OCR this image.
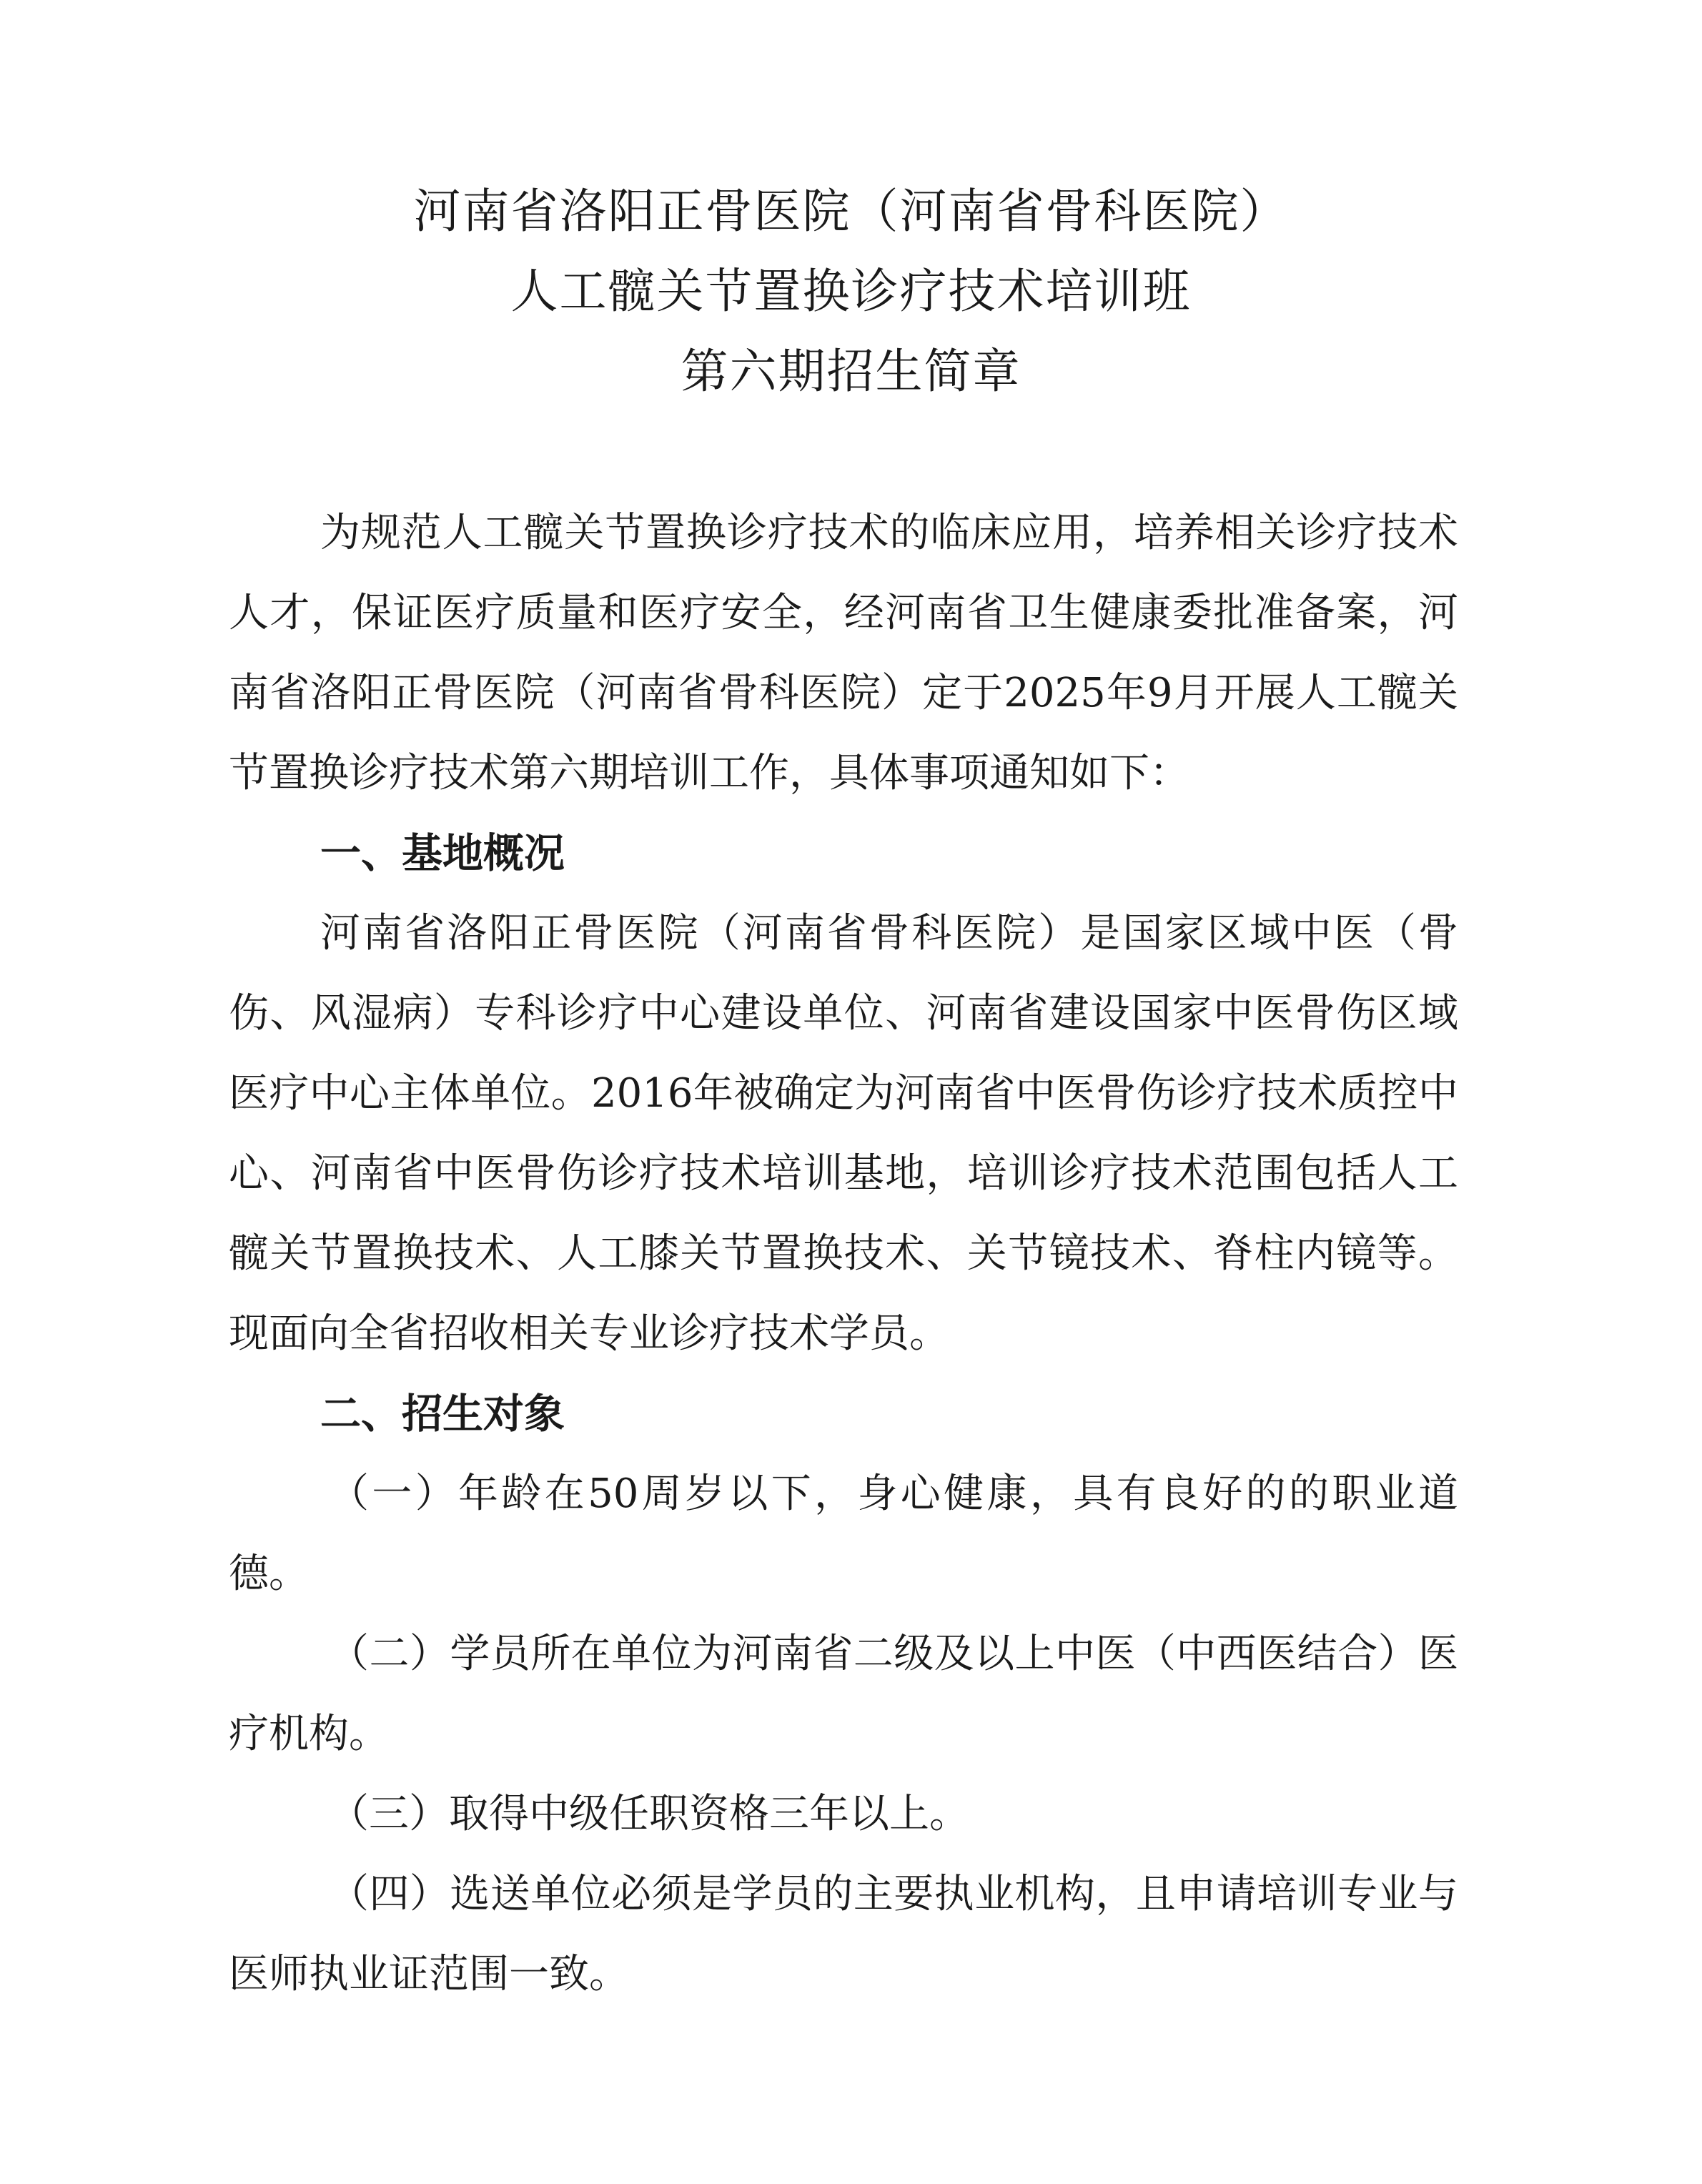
河南省洛阳正骨医院（河南省骨科医院）
人工髋关节置换诊疗技术培训班
第六期招生简章

为规范人工髋关节置换诊疗技术的临床应用，培养相关诊疗技术人才，保证医疗质量和医疗安全，经河南省卫生健康委批准备案，河南省洛阳正骨医院（河南省骨科医院）定于2025年9月开展人工髋关节置换诊疗技术第六期培训工作，具体事项通知如下：

一、基地概况

河南省洛阳正骨医院（河南省骨科医院）是国家区域中医（骨伤、风湿病）专科诊疗中心建设单位、河南省建设国家中医骨伤区域医疗中心主体单位。2016年被确定为河南省中医骨伤诊疗技术质控中心、河南省中医骨伤诊疗技术培训基地，培训诊疗技术范围包括人工髋关节置换技术、人工膝关节置换技术、关节镜技术、脊柱内镜等。现面向全省招收相关专业诊疗技术学员。

二、招生对象

（一）年龄在50周岁以下，身心健康，具有良好的的职业道德。

（二）学员所在单位为河南省二级及以上中医（中西医结合）医疗机构。

（三）取得中级任职资格三年以上。

（四）选送单位必须是学员的主要执业机构，且申请培训专业与医师执业证范围一致。
